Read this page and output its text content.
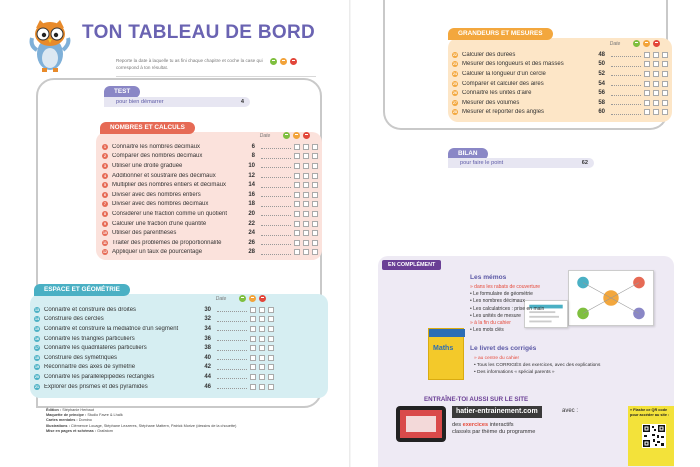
TON TABLEAU DE BORD
Reporte la date à laquelle tu as fini chaque chapitre et coche la case qui correspond à ton résultat.
TEST
pour bien démarrer	4
NOMBRES ET CALCULS
Date
1	Connaître les nombres décimaux	6
2	Comparer des nombres décimaux	8
3	Utiliser une droite graduée	10
4	Additionner et soustraire des décimaux	12
5	Multiplier des nombres entiers et décimaux	14
6	Diviser avec des nombres entiers	16
7	Diviser avec des nombres décimaux	18
8	Considérer une fraction comme un quotient	20
9	Calculer une fraction d'une quantité	22
10 Utiliser des parenthèses	24
11 Traiter des problèmes de proportionnalité	26
12 Appliquer un taux de pourcentage	28
ESPACE ET GÉOMÉTRIE
Date
13 Connaître et construire des droites	30
14 Construire des cercles	32
15 Connaître et construire la médiatrice d'un segment	34
16 Connaître les triangles particuliers	36
17 Connaître les quadrilatères particuliers	38
18 Construire des symétriques	40
19 Reconnaître des axes de symétrie	42
20 Connaître les parallélépipèdes rectangles	44
21 Explorer des prismes et des pyramides	46
Édition : Stéphanie Herbaut
Maquette de principe : Studio Favre & Lhaïk
Cartes mentales : Domino
Illustrations : Clémence Louage, Stéphane Lezzeres, Stéphane Mattern, Patrick Morize (dessins de la chouette)
Mise en pages et schémas : Grafatom
GRANDEURS ET MESURES
Date
22 Calculer des durées	48
23 Mesurer des longueurs et des masses	50
24 Calculer la longueur d'un cercle	52
25 Comparer et calculer des aires	54
26 Connaître les unités d'aire	56
27 Mesurer des volumes	58
28 Mesurer et reporter des angles	60
BILAN
pour faire le point	62
EN COMPLÉMENT
Les mémos
» dans les rabats de couverture
• Le formulaire de géométrie
• Les nombres décimaux
• Les calculatrices : prise en main
• Les unités de mesure
» à la fin du cahier
• Les mots clés
Maths	Le livret des corrigés
» au centre du cahier
• Tous les CORRIGÉS des exercices, avec des explications
• Des informations « spécial parents »
ENTRAÎNE-TOI AUSSI SUR LE SITE
hatier-entrainement.com	avec :
des exercices interactifs
classés par thème du programme
» Flashe ce QR code pour accéder au site :
